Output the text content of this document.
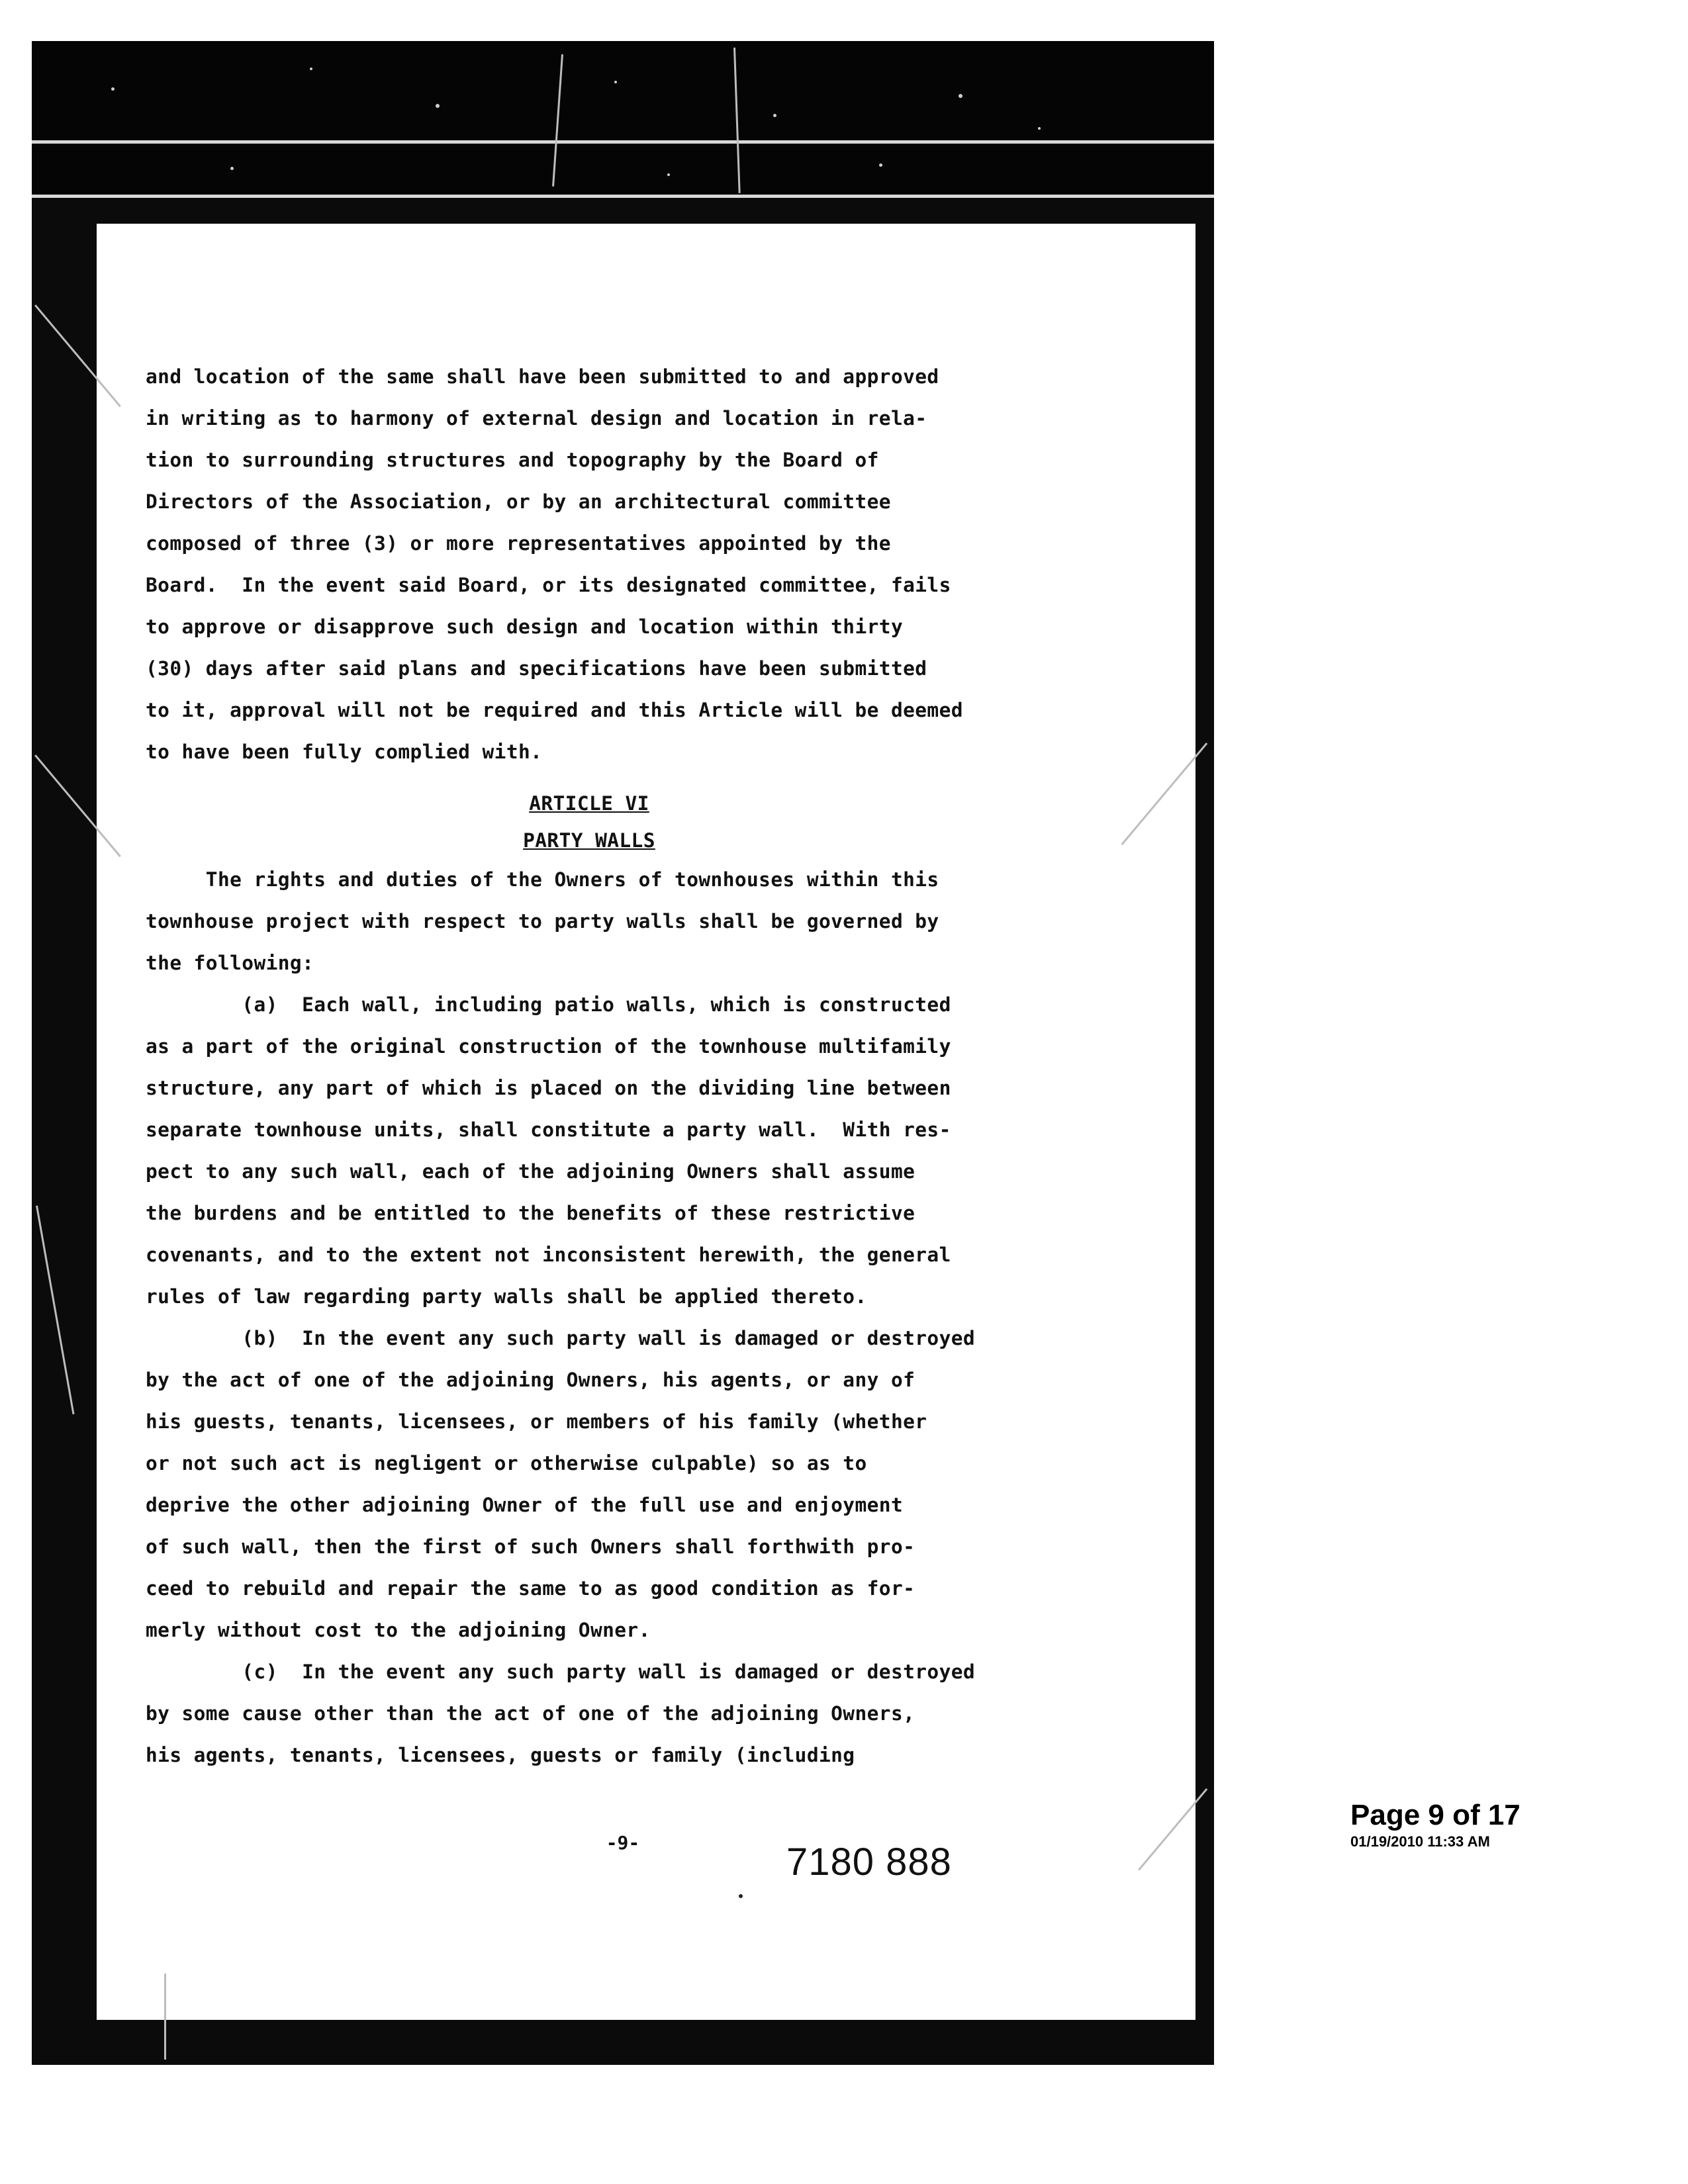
-9-	7180 888
and location of the same shall have been submitted to and approved
in writing as to harmony of external design and location in rela-
tion to surrounding structures and topography by the Board of
Directors of the Association, or by an architectural committee
composed of three (3) or more representatives appointed by the
Board.  In the event said Board, or its designated committee, fails
to approve or disapprove such design and location within thirty
(30) days after said plans and specifications have been submitted
to it, approval will not be required and this Article will be deemed
to have been fully complied with.
ARTICLE VI
PARTY WALLS
The rights and duties of the Owners of townhouses within this
townhouse project with respect to party walls shall be governed by
the following:
(a)  Each wall, including patio walls, which is constructed
as a part of the original construction of the townhouse multifamily
structure, any part of which is placed on the dividing line between
separate townhouse units, shall constitute a party wall.  With res-
pect to any such wall, each of the adjoining Owners shall assume
the burdens and be entitled to the benefits of these restrictive
covenants, and to the extent not inconsistent herewith, the general
rules of law regarding party walls shall be applied thereto.
(b)  In the event any such party wall is damaged or destroyed
by the act of one of the adjoining Owners, his agents, or any of
his guests, tenants, licensees, or members of his family (whether
or not such act is negligent or otherwise culpable) so as to
deprive the other adjoining Owner of the full use and enjoyment
of such wall, then the first of such Owners shall forthwith pro-
ceed to rebuild and repair the same to as good condition as for-
merly without cost to the adjoining Owner.
(c)  In the event any such party wall is damaged or destroyed
by some cause other than the act of one of the adjoining Owners,
his agents, tenants, licensees, guests or family (including
Page 9 of 17
01/19/2010 11:33 AM
